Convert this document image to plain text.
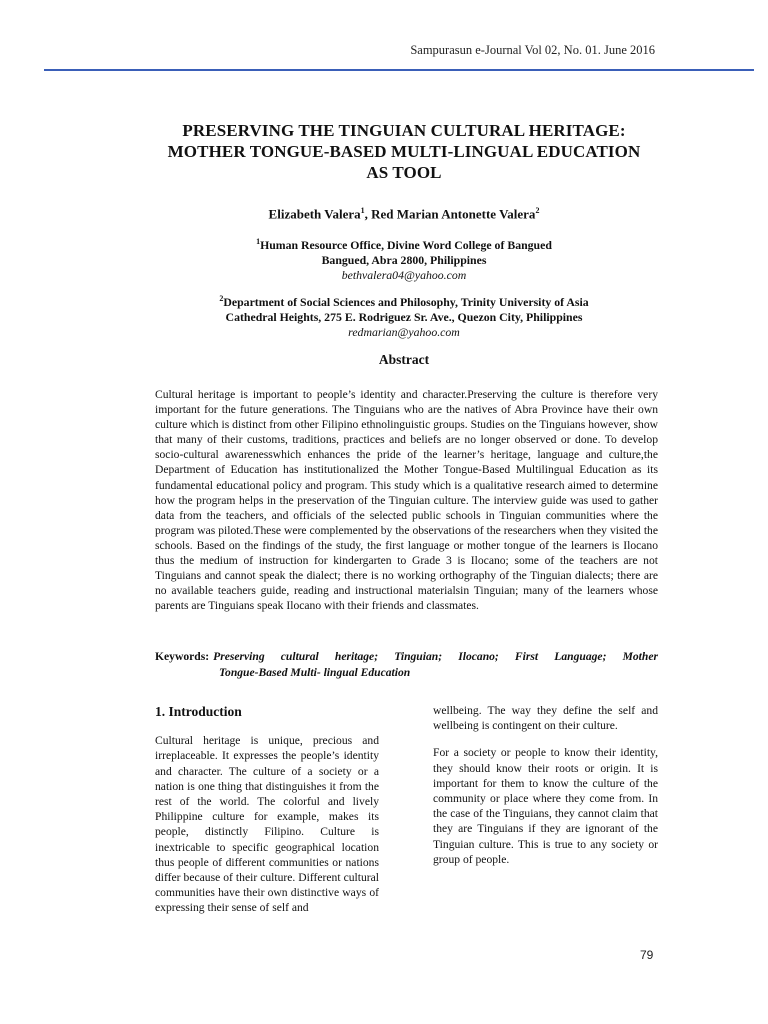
Sampurasun e-Journal Vol 02, No. 01. June 2016
PRESERVING THE TINGUIAN CULTURAL HERITAGE:
MOTHER TONGUE-BASED MULTI-LINGUAL EDUCATION
AS TOOL
Elizabeth Valera$^1$, Red Marian Antonette Valera$^2$
$^1$Human Resource Office, Divine Word College of Bangued
Bangued, Abra 2800, Philippines
bethvalera04@yahoo.com
$^2$Department of Social Sciences and Philosophy, Trinity University of Asia
Cathedral Heights, 275 E. Rodriguez Sr. Ave., Quezon City, Philippines
redmarian@yahoo.com
Abstract
Cultural heritage is important to people’s identity and character.Preserving the culture is therefore very important for the future generations. The Tinguians who are the natives of Abra Province have their own culture which is distinct from other Filipino ethnolinguistic groups. Studies on the Tinguians however, show that many of their customs, traditions, practices and beliefs are no longer observed or done. To develop socio-cultural awarenesswhich enhances the pride of the learner’s heritage, language and culture,the Department of Education has institutionalized the Mother Tongue-Based Multilingual Education as its fundamental educational policy and program. This study which is a qualitative research aimed to determine how the program helps in the preservation of the Tinguian culture. The interview guide was used to gather data from the teachers, and officials of the selected public schools in Tinguian communities where the program was piloted.These were complemented by the observations of the researchers when they visited the schools. Based on the findings of the study, the first language or mother tongue of the learners is Ilocano thus the medium of instruction for kindergarten to Grade 3 is Ilocano; some of the teachers are not Tinguians and cannot speak the dialect; there is no working orthography of the Tinguian dialects; there are no available teachers guide, reading and instructional materialsin Tinguian; many of the learners whose parents are Tinguians speak Ilocano with their friends and classmates.
Keywords: Preserving cultural heritage; Tinguian; Ilocano; First Language; Mother
Tongue-Based Multi- lingual Education
1. Introduction

Cultural heritage is unique, precious and irreplaceable. It expresses the people’s identity and character. The culture of a society or a nation is one thing that distinguishes it from the rest of the world. The colorful and lively Philippine culture for example, makes its people, distinctly Filipino. Culture is inextricable to specific geographical location thus people of different communities or nations differ because of their culture. Different cultural communities have their own distinctive ways of expressing their sense of self and

wellbeing. The way they define the self and wellbeing is contingent on their culture.

For a society or people to know their identity, they should know their roots or origin. It is important for them to know the culture of the community or place where they come from. In the case of the Tinguians, they cannot claim that they are Tinguians if they are ignorant of the Tinguian culture. This is true to any society or group of people.

79
